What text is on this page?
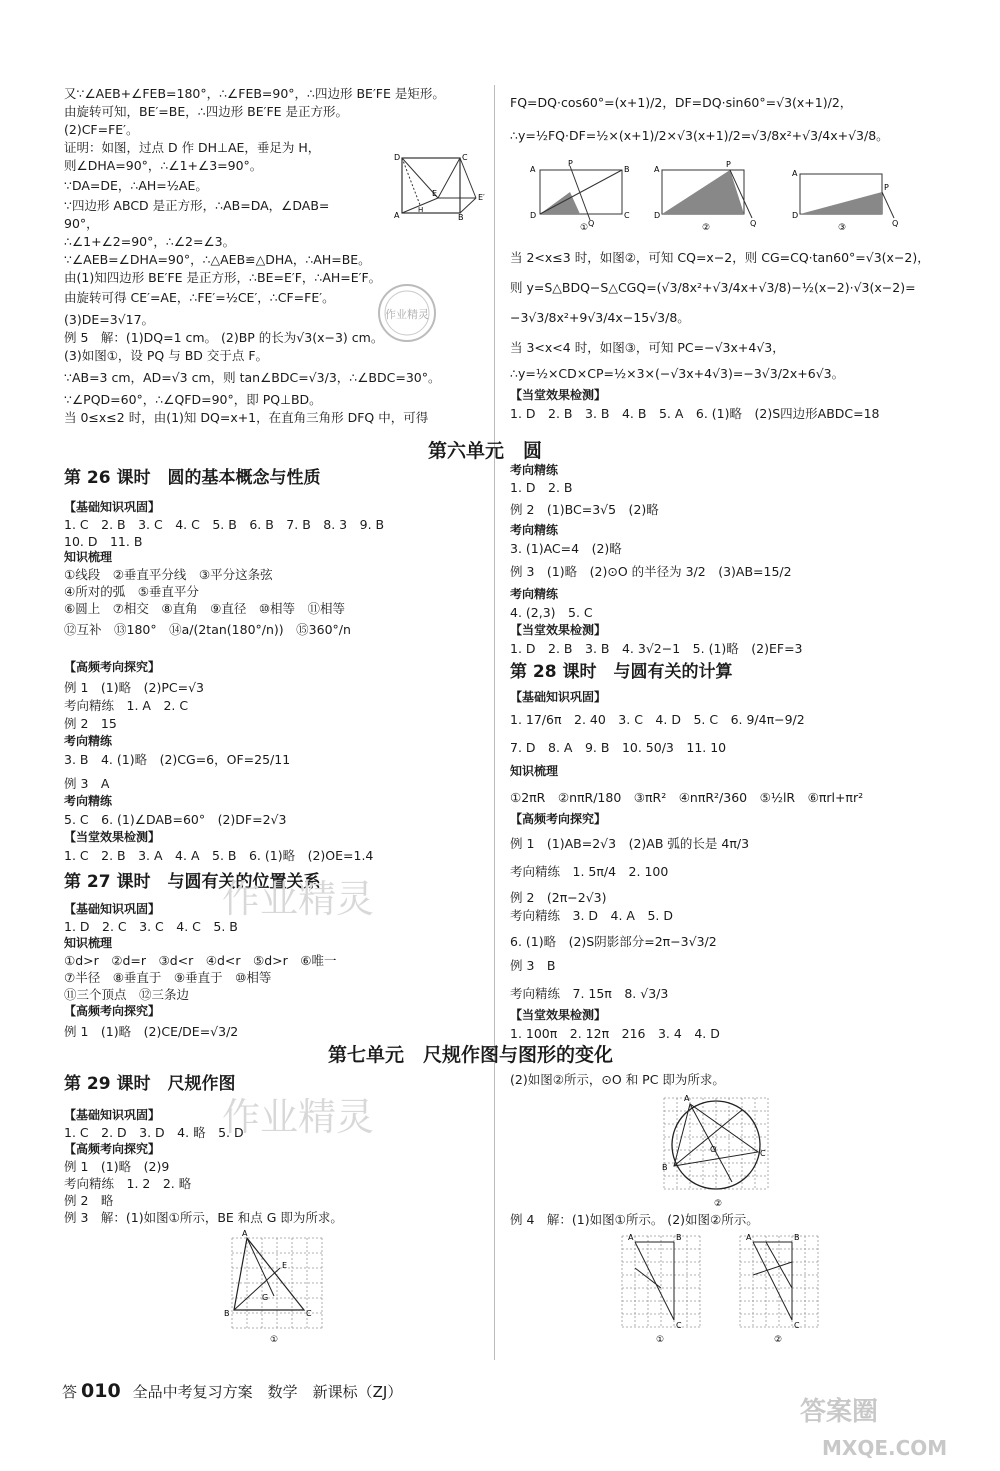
又∵∠AEB+∠FEB=180°，∴∠FEB=90°，∴四边形 BE′FE 是矩形。
由旋转可知，BE′=BE，∴四边形 BE′FE 是正方形。
(2)CF=FE′。
证明：如图，过点 D 作 DH⊥AE，垂足为 H，
则∠DHA=90°，∴∠1+∠3=90°。
∵DA=DE，∴AH=½AE。
∵四边形 ABCD 是正方形，∴AB=DA，∠DAB=
90°，
∴∠1+∠2=90°，∴∠2=∠3。
∵∠AEB=∠DHA=90°，∴△AEB≌△DHA，∴AH=BE。
由(1)知四边形 BE′FE 是正方形，∴BE=E′F，∴AH=E′F。
由旋转可得 CE′=AE，∴FE′=½CE′，∴CF=FE′。
(3)DE=3√17。
例 5　解：(1)DQ=1 cm。 (2)BP 的长为√3(x−3) cm。
(3)如图①，设 PQ 与 BD 交于点 F。
∵AB=3 cm，AD=√3 cm，则 tan∠BDC=√3/3，∴∠BDC=30°。
∵∠PQD=60°，∴∠QFD=90°，即 PQ⊥BD。
当 0≤x≤2 时，由(1)知 DQ=x+1，在直角三角形 DFQ 中，可得
D	C
A	B
E′
E
H
作业精灵
FQ=DQ·cos60°=(x+1)/2，DF=DQ·sin60°=√3(x+1)/2，
∴y=½FQ·DF=½×(x+1)/2×√3(x+1)/2=√3/8x²+√3/4x+√3/8。
A	B
D	C
P
Q
①
A
P
D
Q
②
A
P
D
Q
③
当 2<x≤3 时，如图②，可知 CQ=x−2，则 CG=CQ·tan60°=√3(x−2)，
则 y=S△BDQ−S△CGQ=(√3/8x²+√3/4x+√3/8)−½(x−2)·√3(x−2)=
−3√3/8x²+9√3/4x−15√3/8。
当 3<x<4 时，如图③，可知 PC=−√3x+4√3，
∴y=½×CD×CP=½×3×(−√3x+4√3)=−3√3/2x+6√3。
【当堂效果检测】
1. D　2. B　3. B　4. B　5. A　6. (1)略　(2)S四边形ABDC=18
第六单元　圆
第 26 课时　圆的基本概念与性质
【基础知识巩固】
1. C　2. B　3. C　4. C　5. B　6. B　7. B　8. 3　9. B
10. D　11. B
知识梳理
①线段　②垂直平分线　③平分这条弦
④所对的弧　⑤垂直平分
⑥圆上　⑦相交　⑧直角　⑨直径　⑩相等　⑪相等
⑫互补　⑬180°　⑭a/(2tan(180°/n))　⑮360°/n
【高频考向探究】
例 1　(1)略　(2)PC=√3
考向精练　1. A　2. C
例 2　15
考向精练
3. B　4. (1)略　(2)CG=6，OF=25/11
例 3　A
考向精练
5. C　6. (1)∠DAB=60°　(2)DF=2√3
【当堂效果检测】
1. C　2. B　3. A　4. A　5. B　6. (1)略　(2)OE=1.4
第 27 课时　与圆有关的位置关系
作业精灵
【基础知识巩固】
1. D　2. C　3. C　4. C　5. B
知识梳理
①d>r　②d=r　③d<r　④d<r　⑤d>r　⑥唯一
⑦半径　⑧垂直于　⑨垂直于　⑩相等
⑪三个顶点　⑫三条边
【高频考向探究】
例 1　(1)略　(2)CE/DE=√3/2
考向精练
1. D　2. B
例 2　(1)BC=3√5　(2)略
考向精练
3. (1)AC=4　(2)略
例 3　(1)略　(2)⊙O 的半径为 3/2　(3)AB=15/2
考向精练
4. (2,3)　5. C
【当堂效果检测】
1. D　2. B　3. B　4. 3√2−1　5. (1)略　(2)EF=3
第 28 课时　与圆有关的计算
【基础知识巩固】
1. 17/6π　2. 40　3. C　4. D　5. C　6. 9/4π−9/2
7. D　8. A　9. B　10. 50/3　11. 10
知识梳理
①2πR　②nπR/180　③πR²　④nπR²/360　⑤½lR　⑥πrl+πr²
【高频考向探究】
例 1　(1)AB=2√3　(2)AB 弧的长是 4π/3
考向精练　1. 5π/4　2. 100
例 2　(2π−2√3)
考向精练　3. D　4. A　5. D
6. (1)略　(2)S阴影部分=2π−3√3/2
例 3　B
考向精练　7. 15π　8. √3/3
【当堂效果检测】
1. 100π　2. 12π　216　3. 4　4. D
第七单元　尺规作图与图形的变化
第 29 课时　尺规作图
作业精灵
【基础知识巩固】
1. C　2. D　3. D　4. 略　5. D
【高频考向探究】
例 1　(1)略　(2)9
考向精练　1. 2　2. 略
例 2　略
例 3　解：(1)如图①所示，BE 和点 G 即为所求。
A
B	C
E
G
①
(2)如图②所示，⊙O 和 PC 即为所求。
A
B
C
O
②
例 4　解：(1)如图①所示。 (2)如图②所示。
A	B
C
①
A	B
C
②
答 010 全品中考复习方案　数学　新课标（ZJ）
答案圈
MXQE.COM
